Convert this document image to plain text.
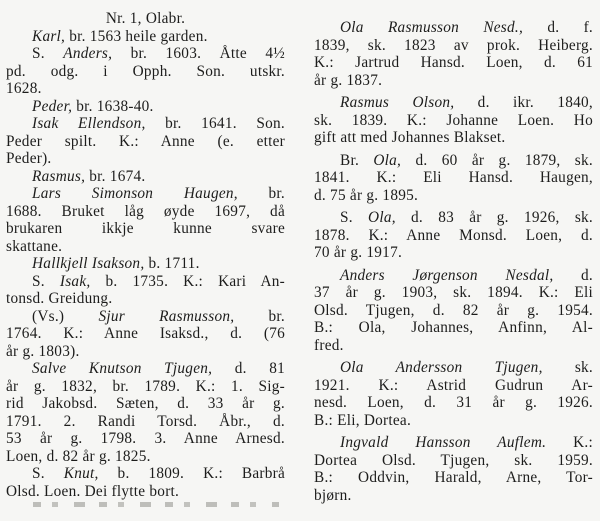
Nr. 1, Olabr.
Karl, br. 1563 heile garden.
S. Anders, br. 1603. Åtte 4½
pd. odg. i Opph. Son. utskr.
1628.
Peder, br. 1638-40.
Isak Ellendson, br. 1641. Son.
Peder spilt. K.: Anne (e. etter
Peder).
Rasmus, br. 1674.
Lars Simonson Haugen, br.
1688. Bruket låg øyde 1697, då
brukaren ikkje kunne svare
skattane.
Hallkjell Isakson, b. 1711.
S. Isak, b. 1735. K.: Kari An-
tonsd. Greidung.
(Vs.) Sjur Rasmusson, br.
1764. K.: Anne Isaksd., d. (76
år g. 1803).
Salve Knutson Tjugen, d. 81
år g. 1832, br. 1789. K.: 1. Sig-
rid Jakobsd. Sæten, d. 33 år g.
1791. 2. Randi Torsd. Åbr., d.
53 år g. 1798. 3. Anne Arnesd.
Loen, d. 82 år g. 1825.
S. Knut, b. 1809. K.: Barbrå
Olsd. Loen. Dei flytte bort.
Ola Rasmusson Nesd., d. f.
1839, sk. 1823 av prok. Heiberg.
K.: Jartrud Hansd. Loen, d. 61
år g. 1837.
Rasmus Olson, d. ikr. 1840,
sk. 1839. K.: Johanne Loen. Ho
gift att med Johannes Blakset.
Br. Ola, d. 60 år g. 1879, sk.
1841. K.: Eli Hansd. Haugen,
d. 75 år g. 1895.
S. Ola, d. 83 år g. 1926, sk.
1878. K.: Anne Monsd. Loen, d.
70 år g. 1917.
Anders Jørgenson Nesdal, d.
37 år g. 1903, sk. 1894. K.: Eli
Olsd. Tjugen, d. 82 år g. 1954.
B.: Ola, Johannes, Anfinn, Al-
fred.
Ola Andersson Tjugen, sk.
1921. K.: Astrid Gudrun Ar-
nesd. Loen, d. 31 år g. 1926.
B.: Eli, Dortea.
Ingvald Hansson Auflem. K.:
Dortea Olsd. Tjugen, sk. 1959.
B.: Oddvin, Harald, Arne, Tor-
bjørn.
